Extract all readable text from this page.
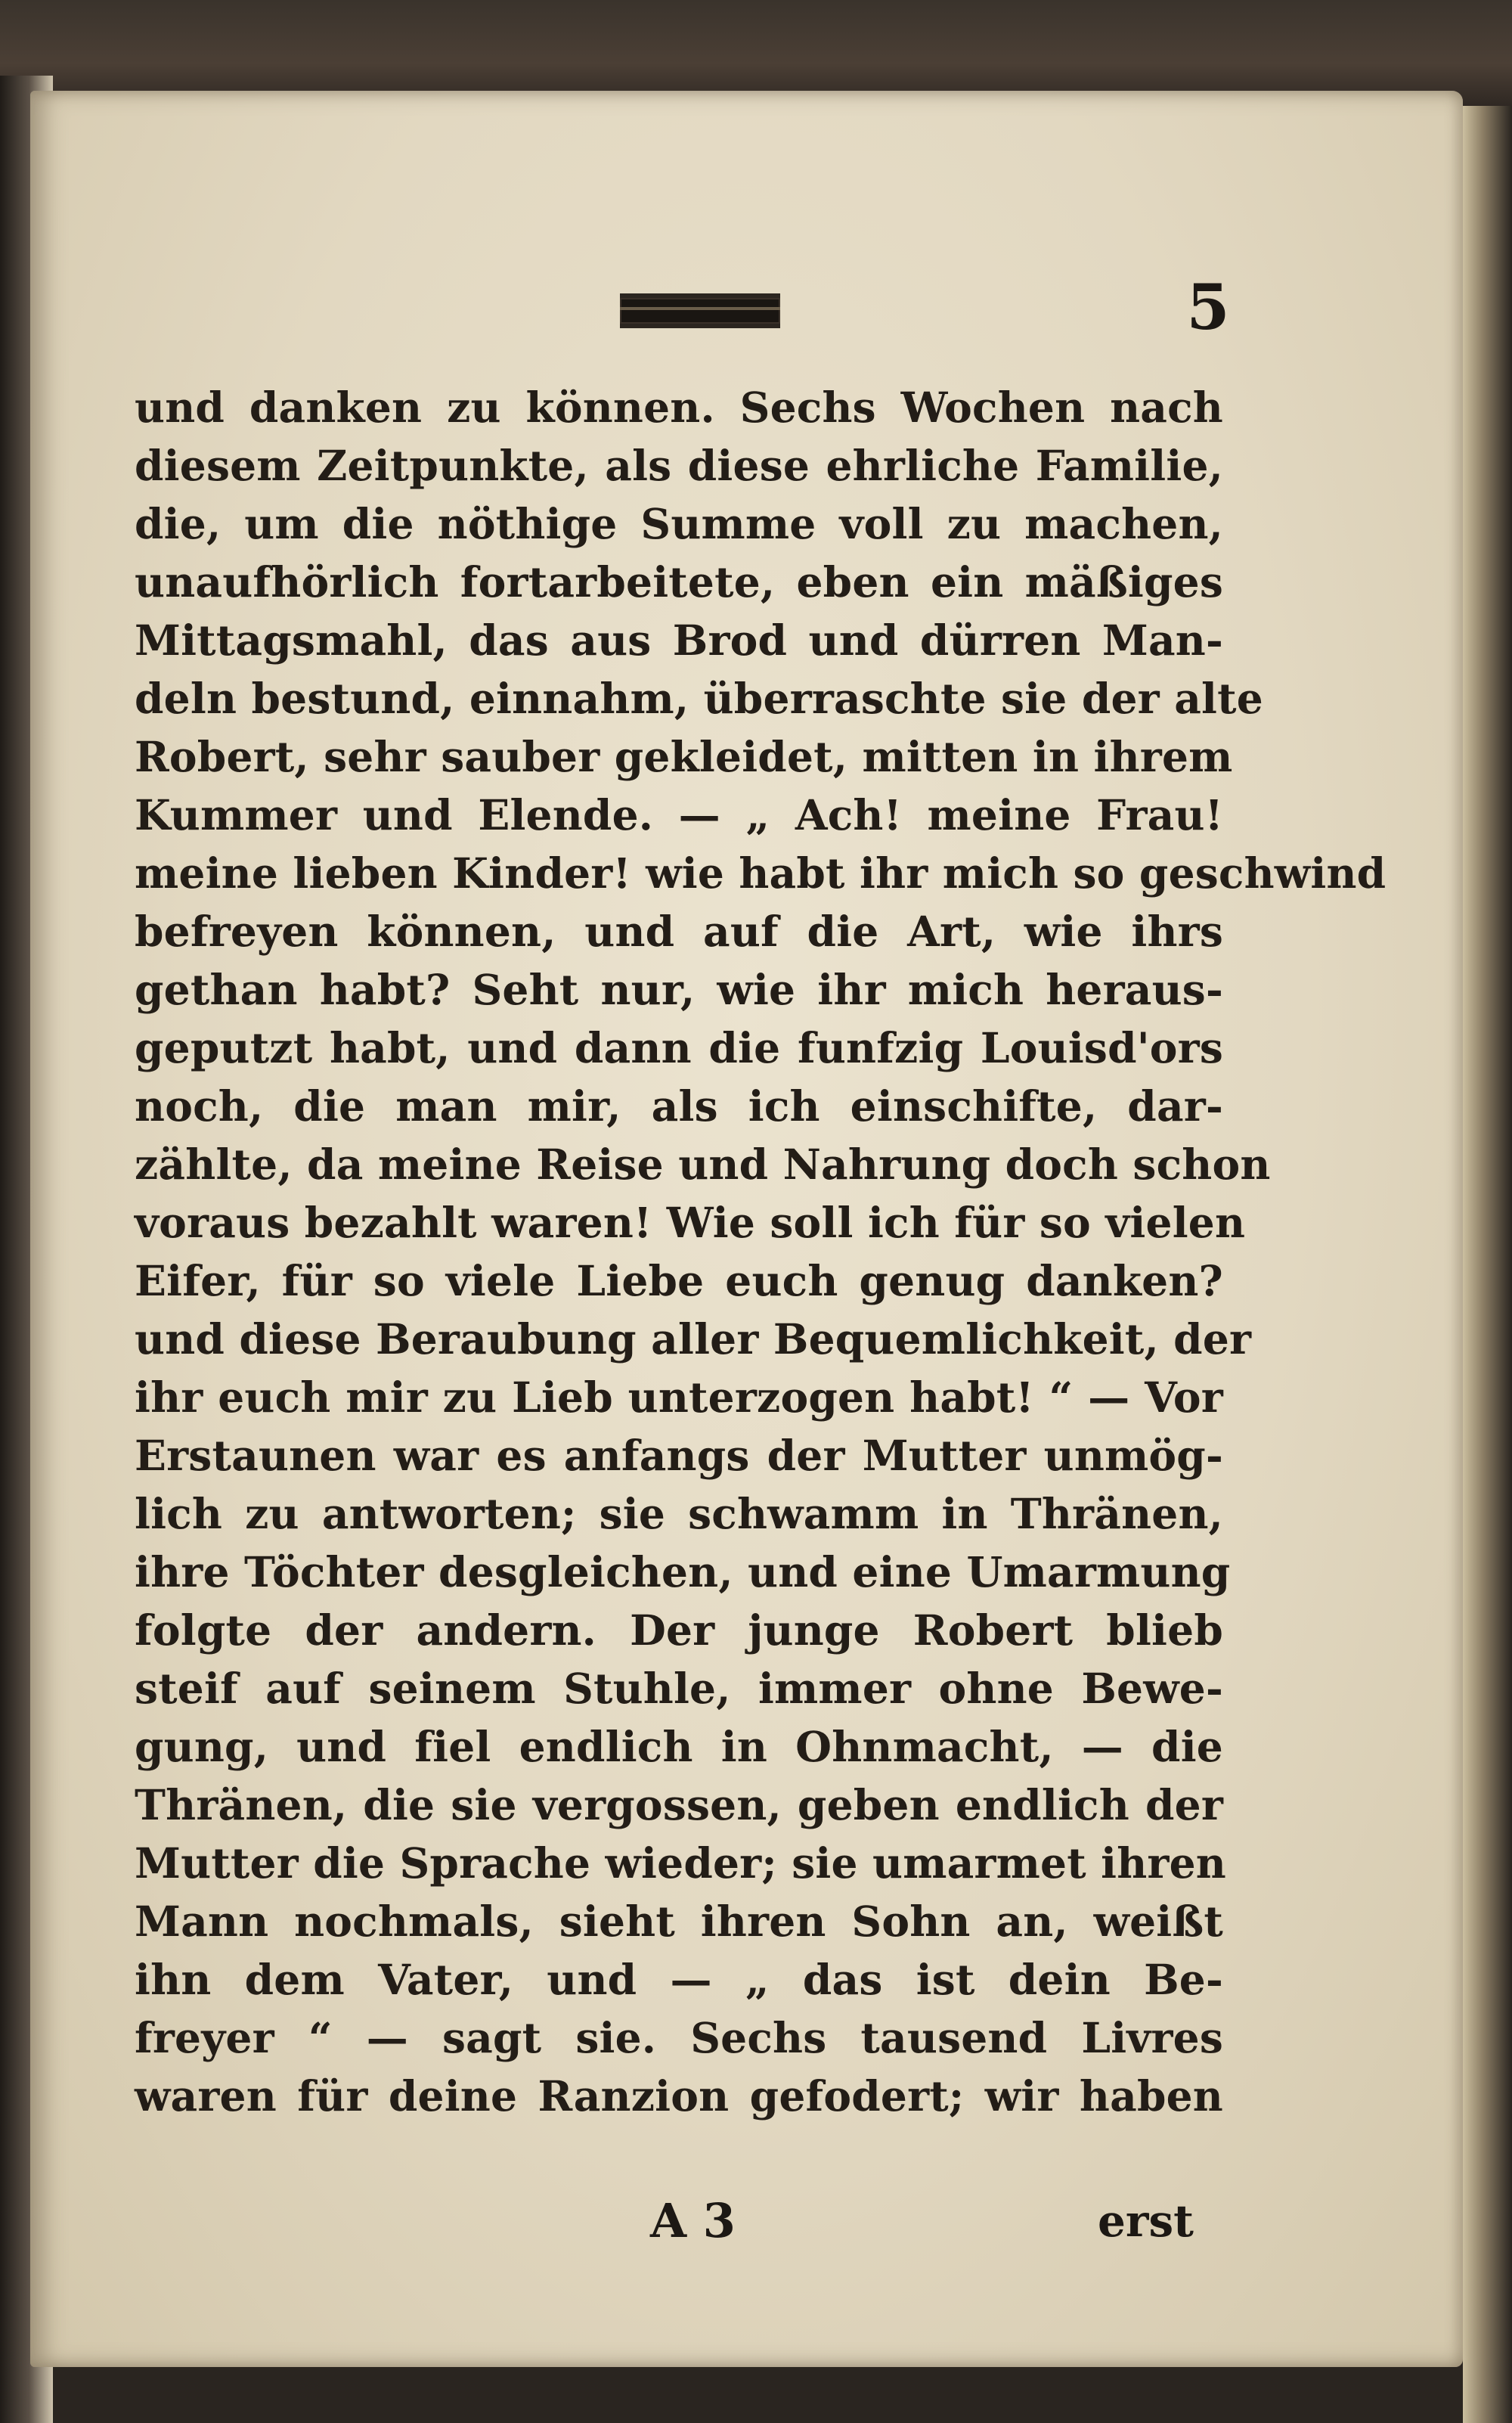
5
und danken zu können. Sechs Wochen nach
diesem Zeitpunkte, als diese ehrliche Familie,
die, um die nöthige Summe voll zu machen,
unaufhörlich fortarbeitete, eben ein mäßiges
Mittagsmahl, das aus Brod und dürren Man-
deln bestund, einnahm, überraschte sie der alte
Robert, sehr sauber gekleidet, mitten in ihrem
Kummer und Elende. — „ Ach! meine Frau!
meine lieben Kinder! wie habt ihr mich so geschwind
befreyen können, und auf die Art, wie ihrs
gethan habt? Seht nur, wie ihr mich heraus-
geputzt habt, und dann die funfzig Louisd'ors
noch, die man mir, als ich einschifte, dar-
zählte, da meine Reise und Nahrung doch schon
voraus bezahlt waren! Wie soll ich für so vielen
Eifer, für so viele Liebe euch genug danken?
und diese Beraubung aller Bequemlichkeit, der
ihr euch mir zu Lieb unterzogen habt! “ — Vor
Erstaunen war es anfangs der Mutter unmög-
lich zu antworten; sie schwamm in Thränen,
ihre Töchter desgleichen, und eine Umarmung
folgte der andern. Der junge Robert blieb
steif auf seinem Stuhle, immer ohne Bewe-
gung, und fiel endlich in Ohnmacht, — die
Thränen, die sie vergossen, geben endlich der
Mutter die Sprache wieder; sie umarmet ihren
Mann nochmals, sieht ihren Sohn an, weißt
ihn dem Vater, und — „ das ist dein Be-
freyer “ — sagt sie. Sechs tausend Livres
waren für deine Ranzion gefodert; wir haben
A 3	erst
